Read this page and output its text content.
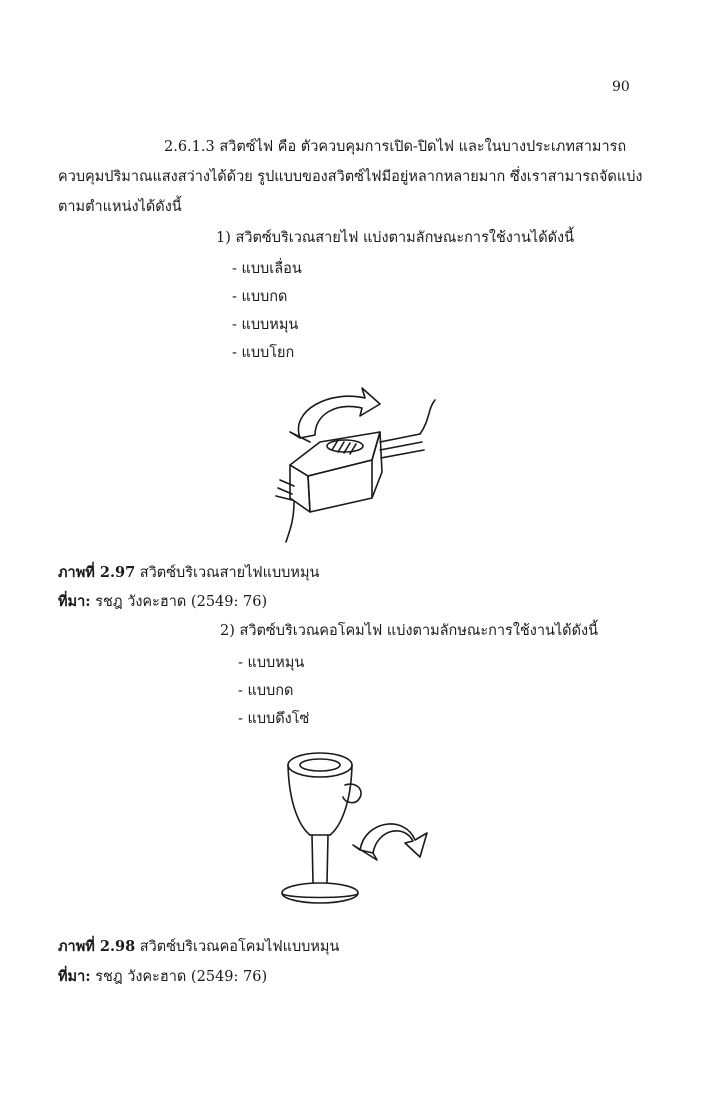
90
2.6.1.3 สวิตซ์ไฟ คือ ตัวควบคุมการเปิด-ปิดไฟ และในบางประเภทสามารถ
ควบคุมปริมาณแสงสว่างได้ด้วย รูปแบบของสวิตซ์ไฟมีอยู่หลากหลายมาก ซึ่งเราสามารถจัดแบ่ง
ตามตำแหน่งได้ดังนี้
1) สวิตซ์บริเวณสายไฟ แบ่งตามลักษณะการใช้งานได้ดังนี้
- แบบเลื่อน
- แบบกด
- แบบหมุน
- แบบโยก
ภาพที่ 2.97 สวิตซ์บริเวณสายไฟแบบหมุน
ที่มา: รชฎ วังคะฮาด (2549: 76)
2) สวิตซ์บริเวณคอโคมไฟ แบ่งตามลักษณะการใช้งานได้ดังนี้
- แบบหมุน
- แบบกด
- แบบดึงโซ่
ภาพที่ 2.98 สวิตซ์บริเวณคอโคมไฟแบบหมุน
ที่มา: รชฎ วังคะฮาด (2549: 76)
